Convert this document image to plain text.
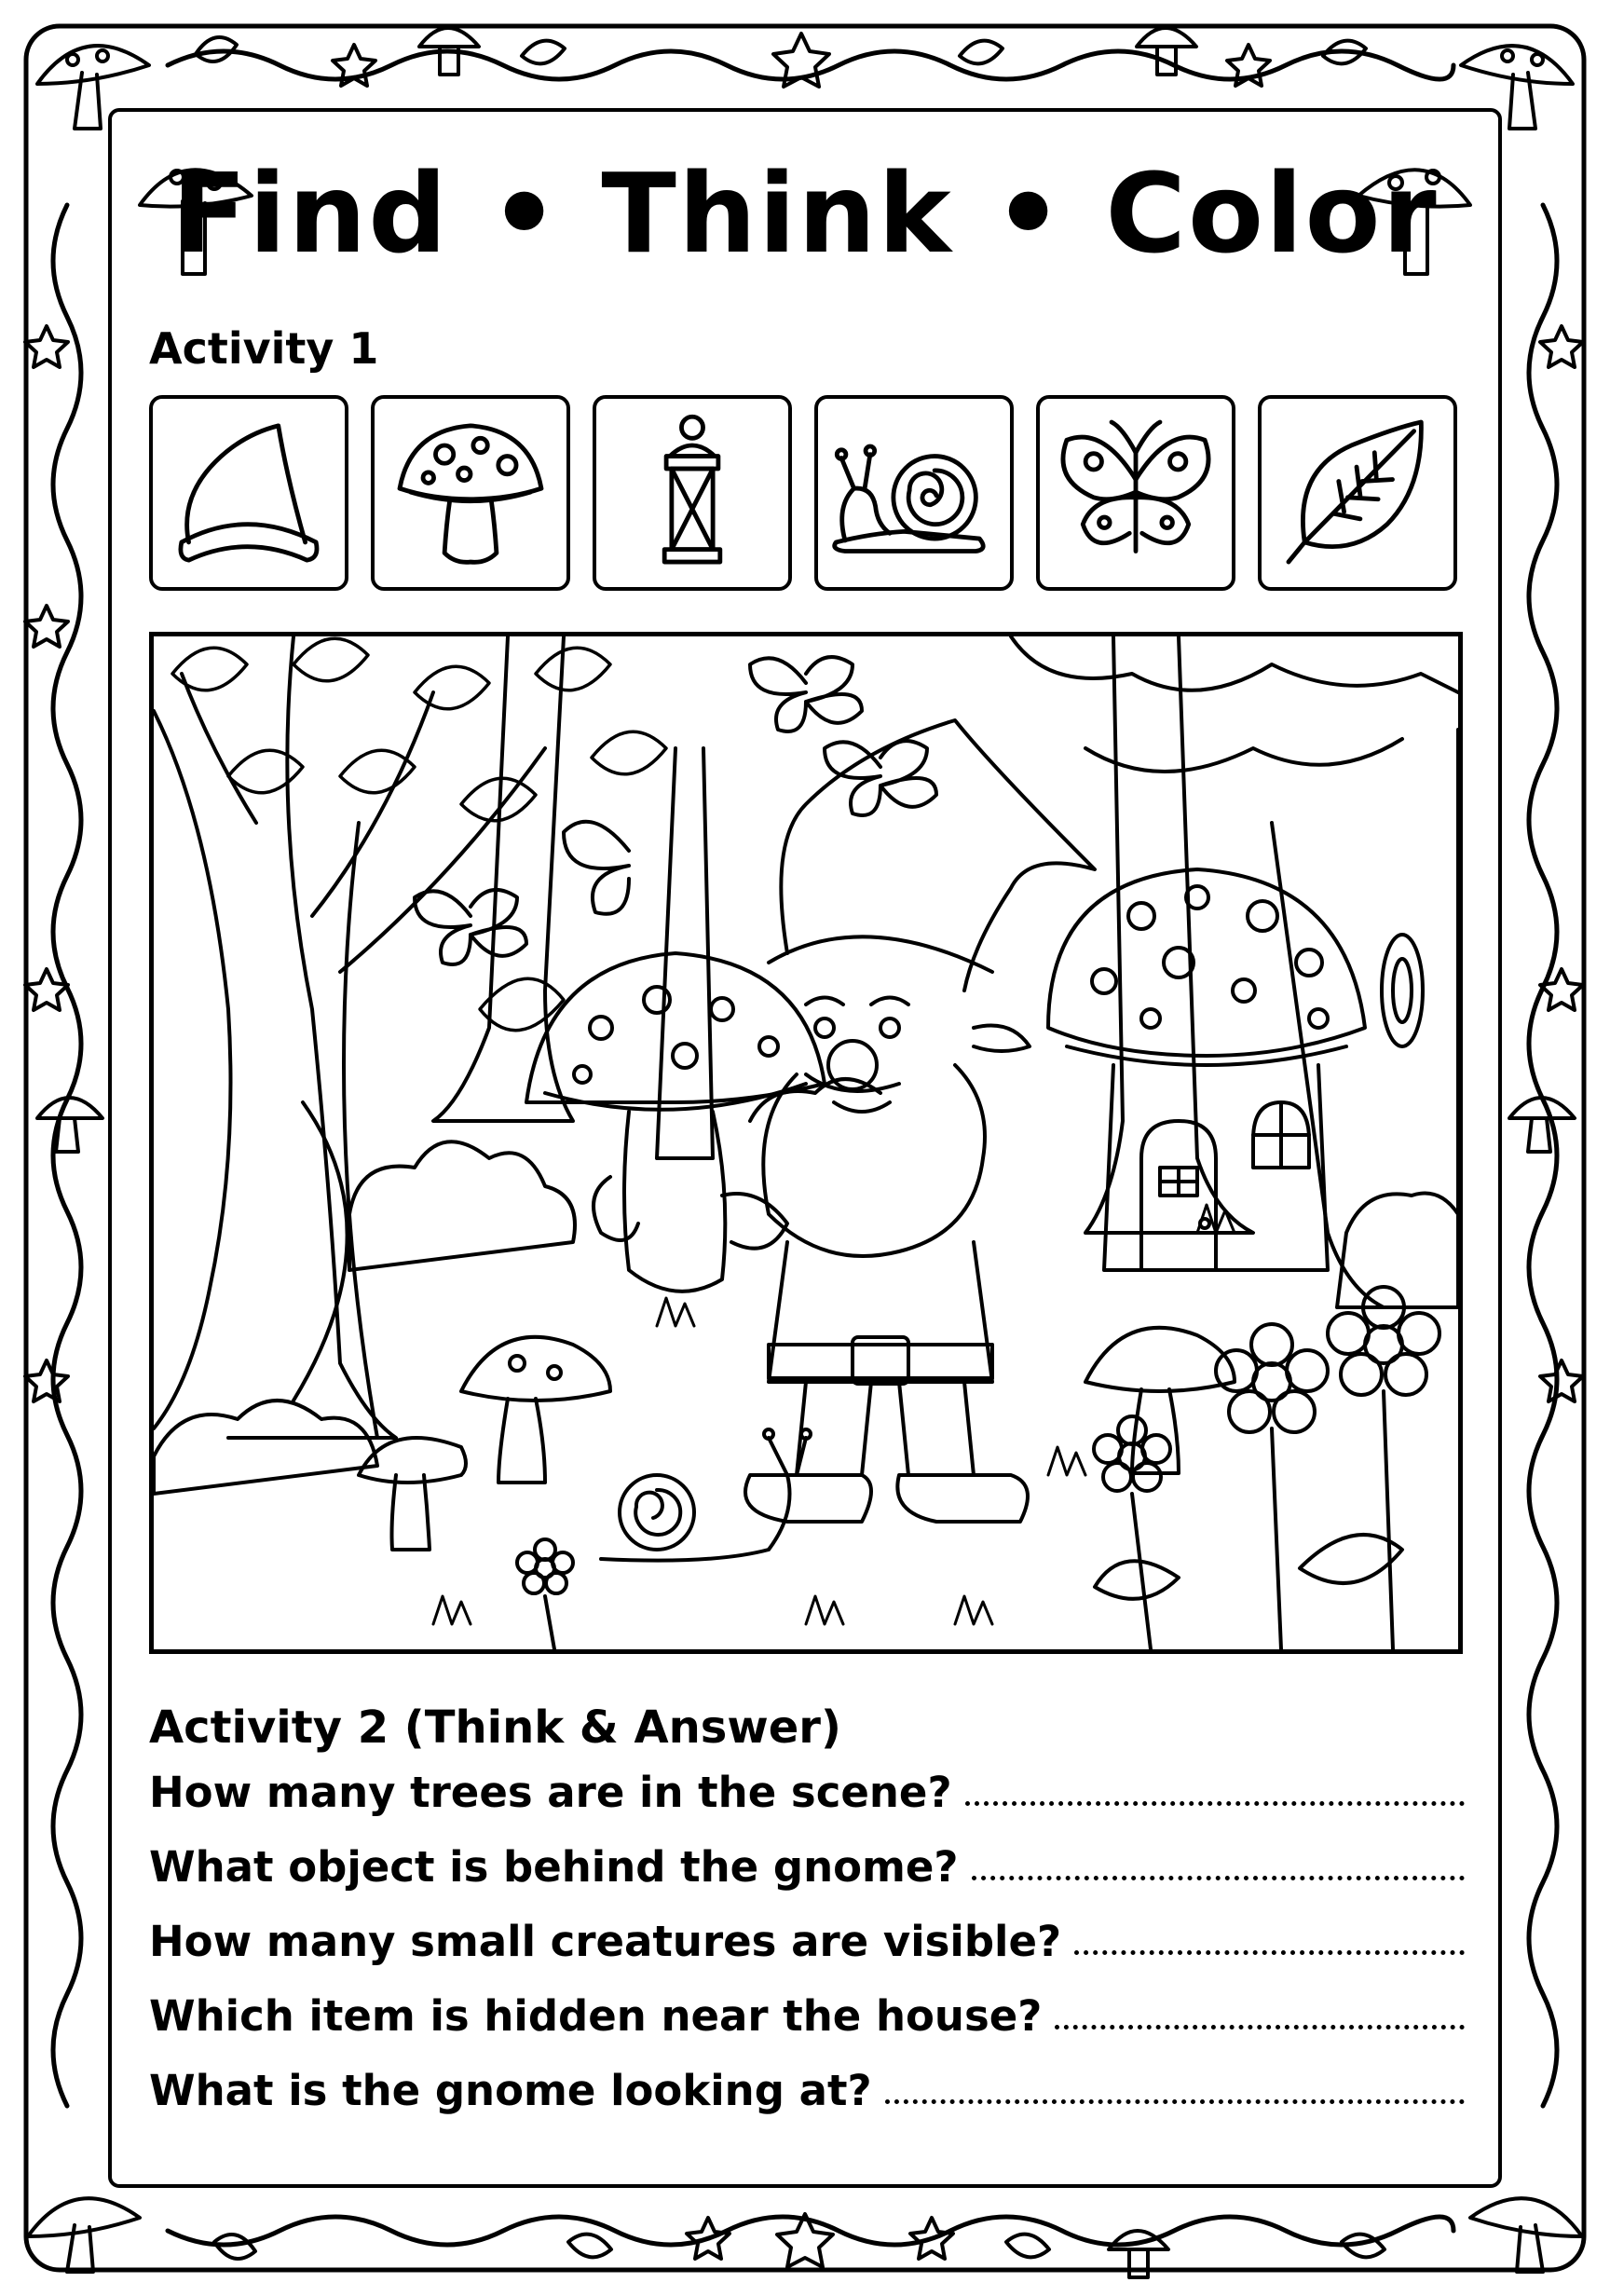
Find • Think • Color
Activity 1
Activity 2 (Think & Answer)
How many trees are in the scene?
What object is behind the gnome?
How many small creatures are visible?
Which item is hidden near the house?
What is the gnome looking at?
